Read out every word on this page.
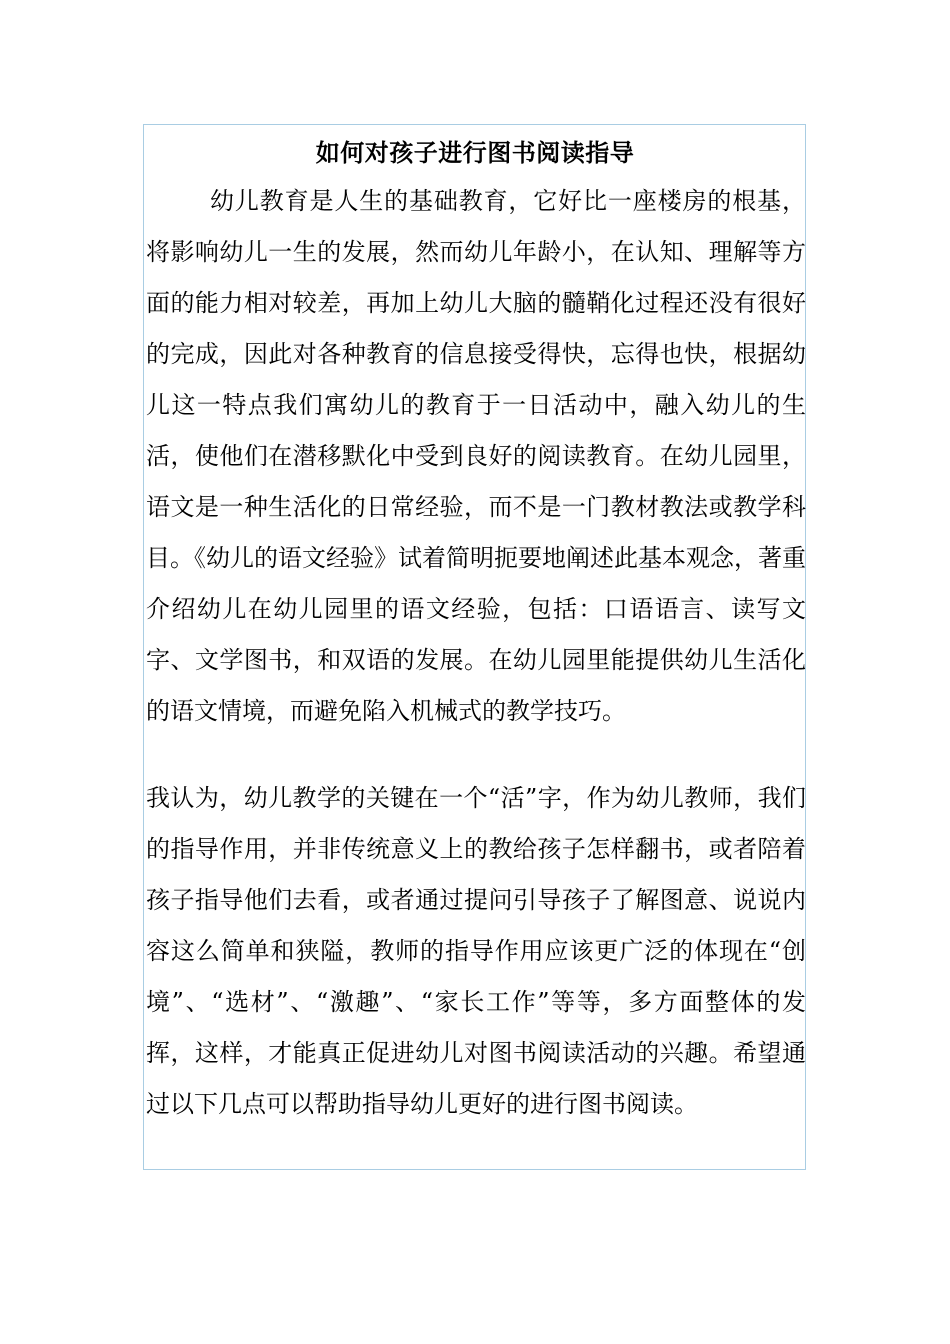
如何对孩子进行图书阅读指导

幼儿教育是人生的基础教育，它好比一座楼房的根基，将影响幼儿一生的发展，然而幼儿年龄小，在认知、理解等方面的能力相对较差，再加上幼儿大脑的髓鞘化过程还没有很好的完成，因此对各种教育的信息接受得快，忘得也快，根据幼儿这一特点我们寓幼儿的教育于一日活动中，融入幼儿的生活，使他们在潜移默化中受到良好的阅读教育。在幼儿园里，语文是一种生活化的日常经验，而不是一门教材教法或教学科目。《幼儿的语文经验》试着简明扼要地阐述此基本观念，著重介绍幼儿在幼儿园里的语文经验，包括：口语语言、读写文字、文学图书，和双语的发展。在幼儿园里能提供幼儿生活化的语文情境，而避免陷入机械式的教学技巧。

我认为，幼儿教学的关键在一个“活”字，作为幼儿教师，我们的指导作用，并非传统意义上的教给孩子怎样翻书，或者陪着孩子指导他们去看，或者通过提问引导孩子了解图意、说说内容这么简单和狭隘，教师的指导作用应该更广泛的体现在“创境”、“选材”、“激趣”、“家长工作”等等，多方面整体的发挥，这样，才能真正促进幼儿对图书阅读活动的兴趣。希望通过以下几点可以帮助指导幼儿更好的进行图书阅读。
